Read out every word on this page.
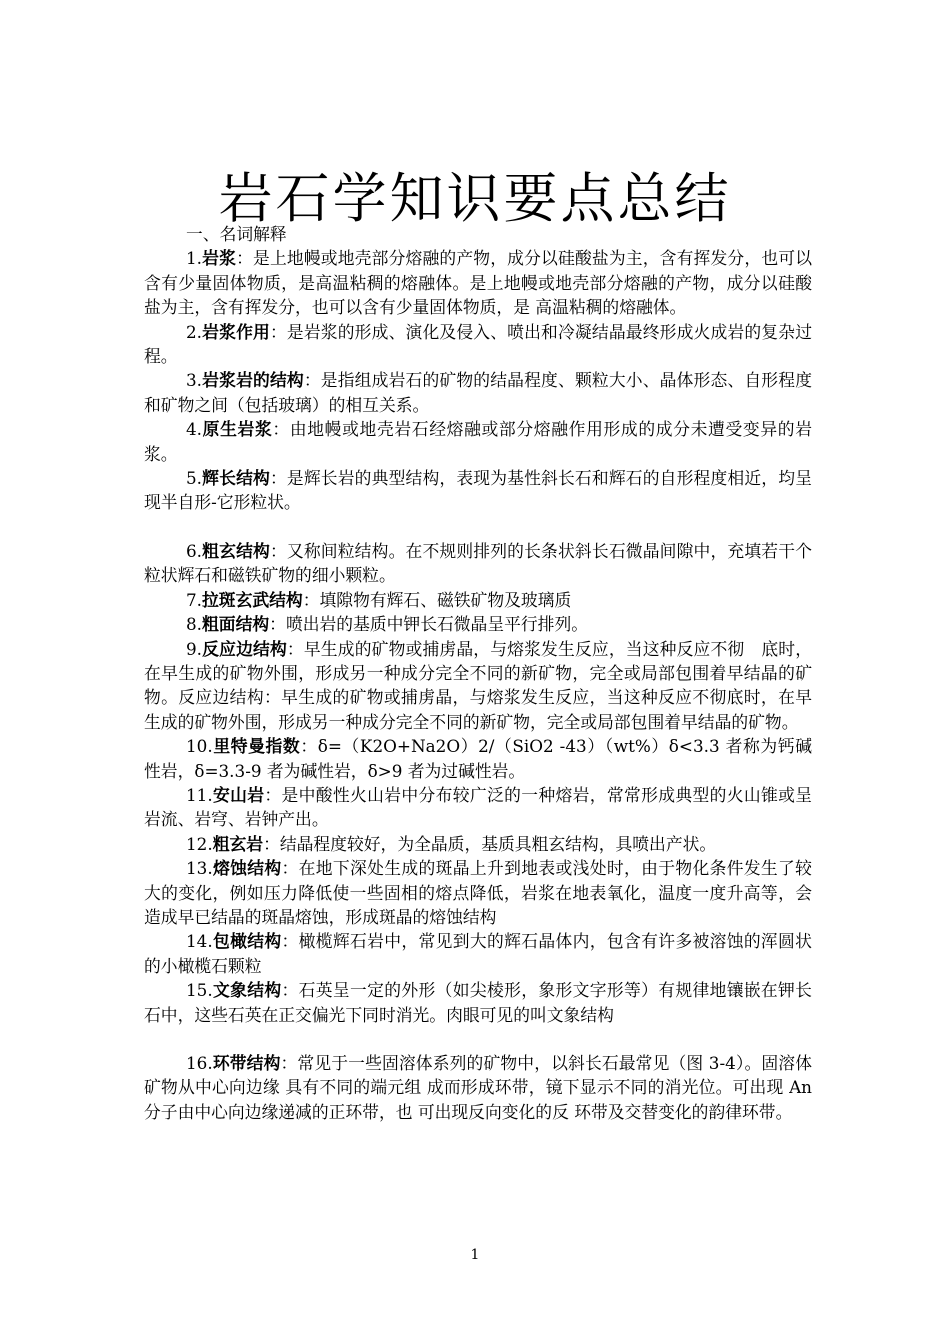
岩石学知识要点总结

一、名词解释

1.岩浆：是上地幔或地壳部分熔融的产物，成分以硅酸盐为主，含有挥发分，也可以含有少量固体物质，是高温粘稠的熔融体。是上地幔或地壳部分熔融的产物，成分以硅酸盐为主，含有挥发分，也可以含有少量固体物质，是 高温粘稠的熔融体。

2.岩浆作用：是岩浆的形成、演化及侵入、喷出和冷凝结晶最终形成火成岩的复杂过程。

3.岩浆岩的结构：是指组成岩石的矿物的结晶程度、颗粒大小、晶体形态、自形程度和矿物之间（包括玻璃）的相互关系。

4.原生岩浆：由地幔或地壳岩石经熔融或部分熔融作用形成的成分未遭受变异的岩浆。

5.辉长结构：是辉长岩的典型结构，表现为基性斜长石和辉石的自形程度相近，均呈现半自形-它形粒状。

6.粗玄结构：又称间粒结构。在不规则排列的长条状斜长石微晶间隙中，充填若干个粒状辉石和磁铁矿物的细小颗粒。

7.拉斑玄武结构：填隙物有辉石、磁铁矿物及玻璃质

8.粗面结构：喷出岩的基质中钾长石微晶呈平行排列。

9.反应边结构：早生成的矿物或捕虏晶，与熔浆发生反应，当这种反应不彻　底时，在早生成的矿物外围，形成另一种成分完全不同的新矿物，完全或局部包围着早结晶的矿物。反应边结构：早生成的矿物或捕虏晶，与熔浆发生反应，当这种反应不彻底时，在早生成的矿物外围，形成另一种成分完全不同的新矿物，完全或局部包围着早结晶的矿物。

10.里特曼指数：δ=（K2O+Na2O）2/（SiO2 -43）（wt%）δ<3.3 者称为钙碱性岩，δ=3.3-9 者为碱性岩，δ>9 者为过碱性岩。

11.安山岩：是中酸性火山岩中分布较广泛的一种熔岩，常常形成典型的火山锥或呈岩流、岩穹、岩钟产出。

12.粗玄岩：结晶程度较好，为全晶质，基质具粗玄结构，具喷出产状。

13.熔蚀结构：在地下深处生成的斑晶上升到地表或浅处时，由于物化条件发生了较大的变化，例如压力降低使一些固相的熔点降低，岩浆在地表氧化，温度一度升高等，会造成早已结晶的斑晶熔蚀，形成斑晶的熔蚀结构

14.包橄结构：橄榄辉石岩中，常见到大的辉石晶体内，包含有许多被溶蚀的浑圆状的小橄榄石颗粒

15.文象结构：石英呈一定的外形（如尖棱形，象形文字形等）有规律地镶嵌在钾长石中，这些石英在正交偏光下同时消光。肉眼可见的叫文象结构

16.环带结构：常见于一些固溶体系列的矿物中，以斜长石最常见（图 3-4）。固溶体矿物从中心向边缘 具有不同的端元组 成而形成环带，镜下显示不同的消光位。可出现 An 分子由中心向边缘递减的正环带，也 可出现反向变化的反 环带及交替变化的韵律环带。

1
